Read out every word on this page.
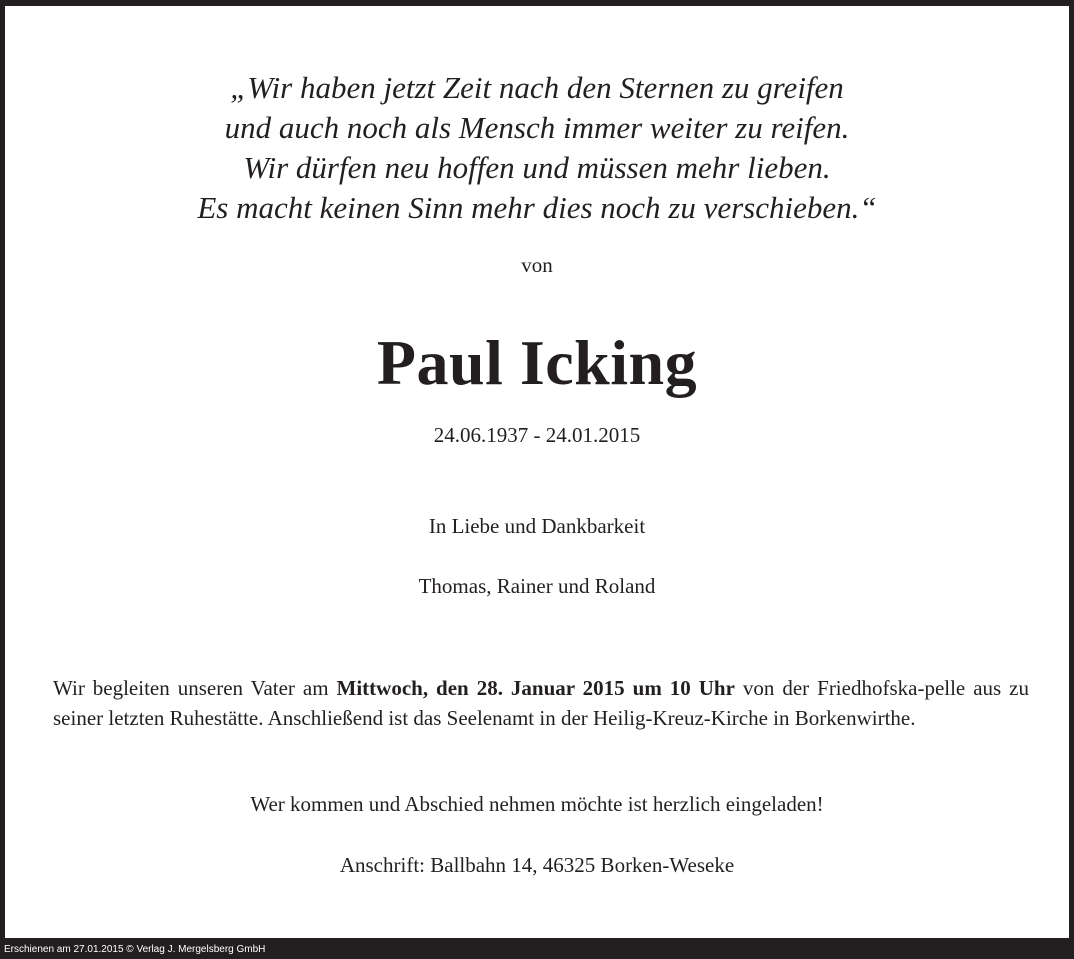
„Wir haben jetzt Zeit nach den Sternen zu greifen
und auch noch als Mensch immer weiter zu reifen.
Wir dürfen neu hoffen und müssen mehr lieben.
Es macht keinen Sinn mehr dies noch zu verschieben.“
von
Paul Icking
24.06.1937 - 24.01.2015
In Liebe und Dankbarkeit
Thomas, Rainer und Roland
Wir begleiten unseren Vater am Mittwoch, den 28. Januar 2015 um 10 Uhr von der Friedhofska-pelle aus zu seiner letzten Ruhestätte. Anschließend ist das Seelenamt in der Heilig-Kreuz-Kirche in Borkenwirthe.
Wer kommen und Abschied nehmen möchte ist herzlich eingeladen!
Anschrift: Ballbahn 14, 46325 Borken-Weseke
Erschienen am 27.01.2015 © Verlag J. Mergelsberg GmbH
